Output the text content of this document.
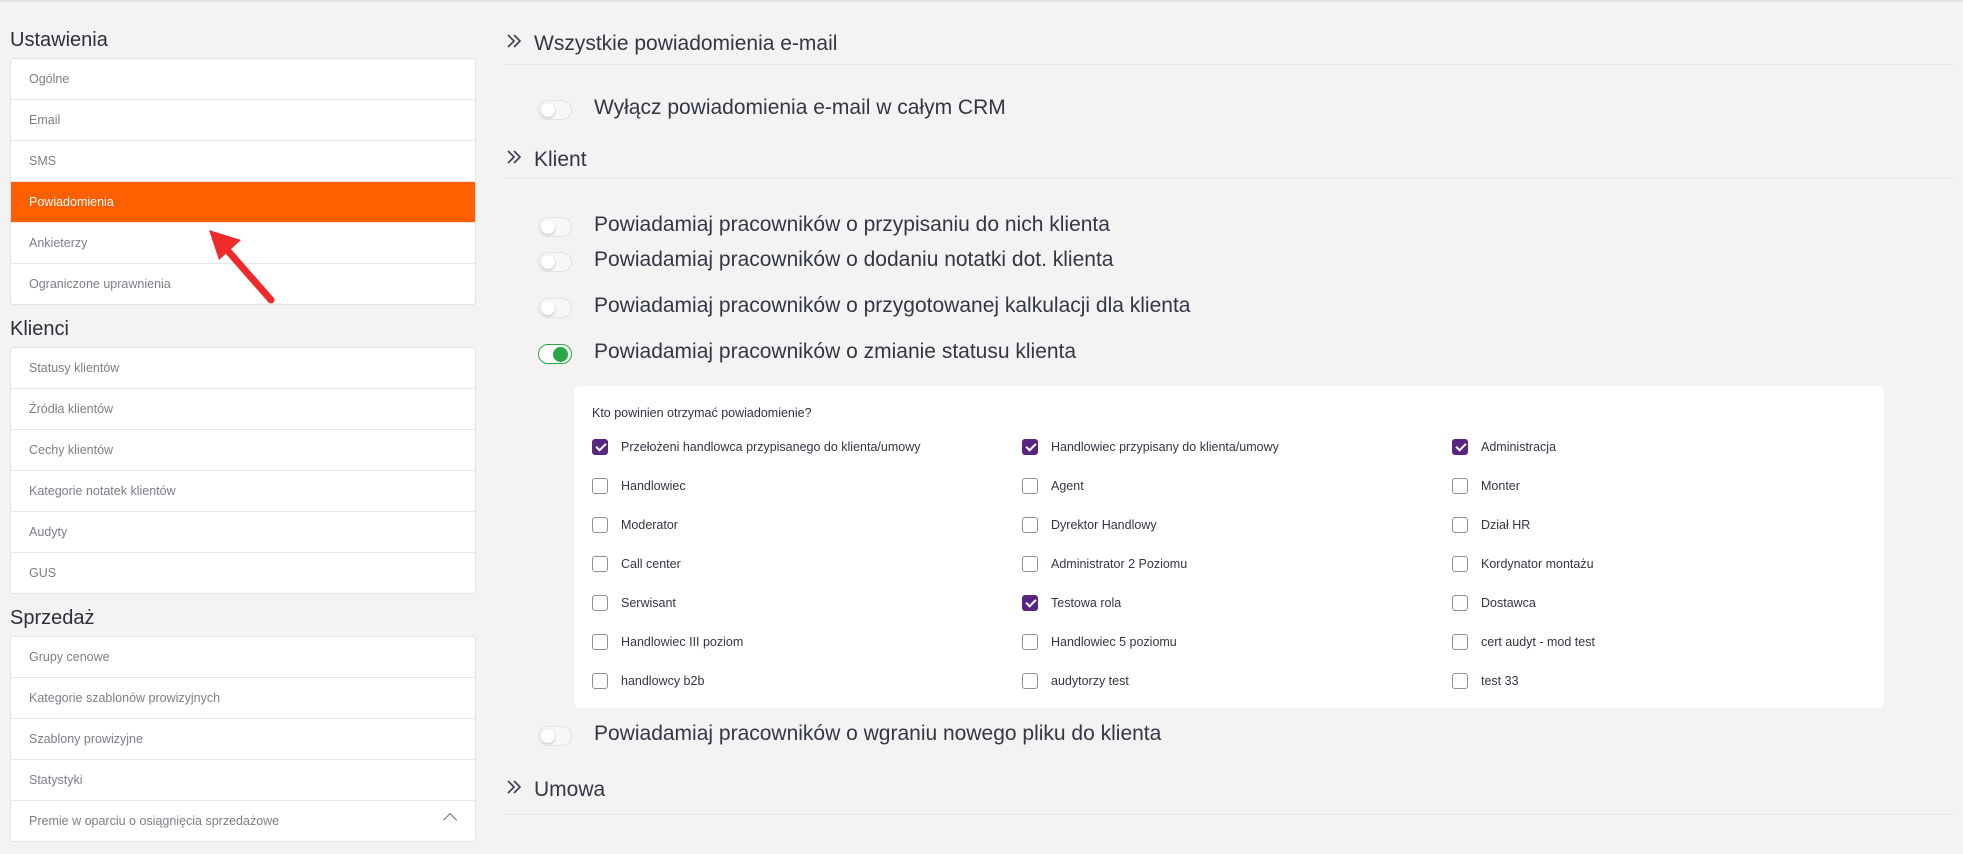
Ustawienia
Ogólne
Email
SMS
Powiadomienia
Ankieterzy
Ograniczone uprawnienia
Klienci
Statusy klientów
Źródła klientów
Cechy klientów
Kategorie notatek klientów
Audyty
GUS
Sprzedaż
Grupy cenowe
Kategorie szablonów prowizyjnych
Szablony prowizyjne
Statystyki
Premie w oparciu o osiągnięcia sprzedażowe
Wszystkie powiadomienia e-mail
Wyłącz powiadomienia e-mail w całym CRM
Klient
Powiadamiaj pracowników o przypisaniu do nich klienta
Powiadamiaj pracowników o dodaniu notatki dot. klienta
Powiadamiaj pracowników o przygotowanej kalkulacji dla klienta
Powiadamiaj pracowników o zmianie statusu klienta
Kto powinien otrzymać powiadomienie?
Przełożeni handlowca przypisanego do klienta/umowy	Handlowiec przypisany do klienta/umowy	Administracja
Handlowiec	Agent	Monter
Moderator	Dyrektor Handlowy	Dział HR
Call center	Administrator 2 Poziomu	Kordynator montażu
Serwisant	Testowa rola	Dostawca
Handlowiec III poziom	Handlowiec 5 poziomu	cert audyt - mod test
handlowcy b2b	audytorzy test	test 33
Powiadamiaj pracowników o wgraniu nowego pliku do klienta
Umowa
